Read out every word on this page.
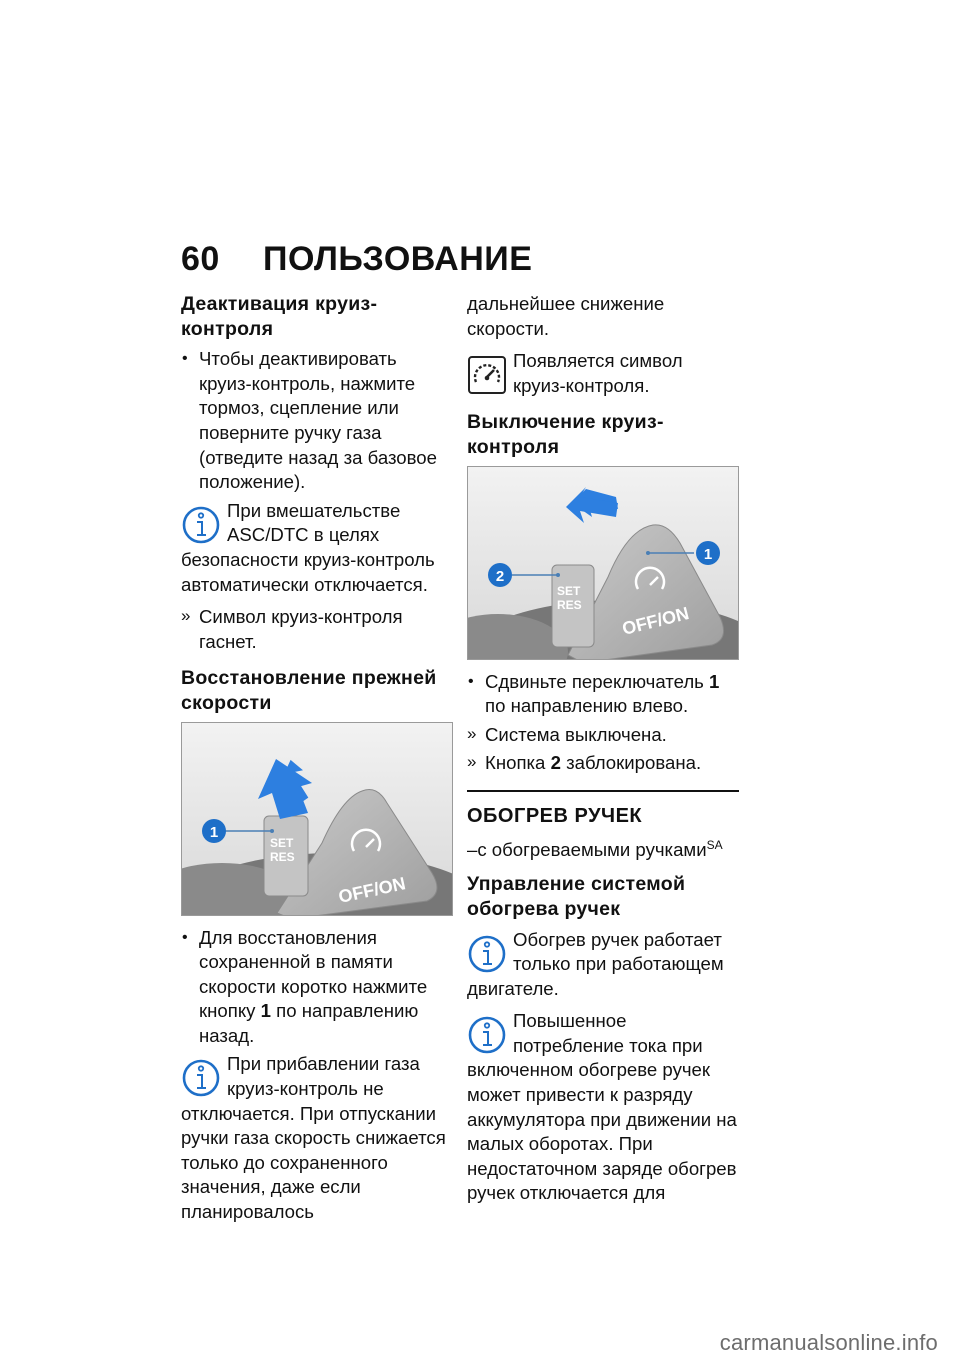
60 ПОЛЬЗОВАНИЕ
Деактивация круиз-
контроля
• Чтобы деактивировать круиз-контроль, нажмите тормоз, сцепление или поверните ручку газа (отведите назад за базовое положение).
При вмешательстве ASC/DTC в целях безопасности круиз-контроль автоматически отключается.
» Символ круиз-контроля гаснет.
Восстановление прежней
скорости
SET
RES
OFF/ON
1
• Для восстановления сохраненной в памяти скорости коротко нажмите кнопку 1 по направлению назад.
При прибавлении газа круиз-контроль не отключается. При отпускании ручки газа скорость снижается только до сохраненного значения, даже если планировалось

дальнейшее снижение скорости.

Появляется символ круиз-контроля.
Выключение круиз-
контроля
SET
RES OFF/ON
1
2
• Сдвиньте переключатель 1 по направлению влево.
» Система выключена.
» Кнопка 2 заблокирована.
ОБОГРЕВ РУЧЕК

–с обогреваемыми ручками$^{SA}$

Управление системой
обогрева ручек
Обогрев ручек работает только при работающем двигателе.
Повышенное потребление тока при включенном обогреве ручек может привести к разряду аккумулятора при движении на малых оборотах. При недостаточном заряде обогрев ручек отключается для
carmanualsonline.info
